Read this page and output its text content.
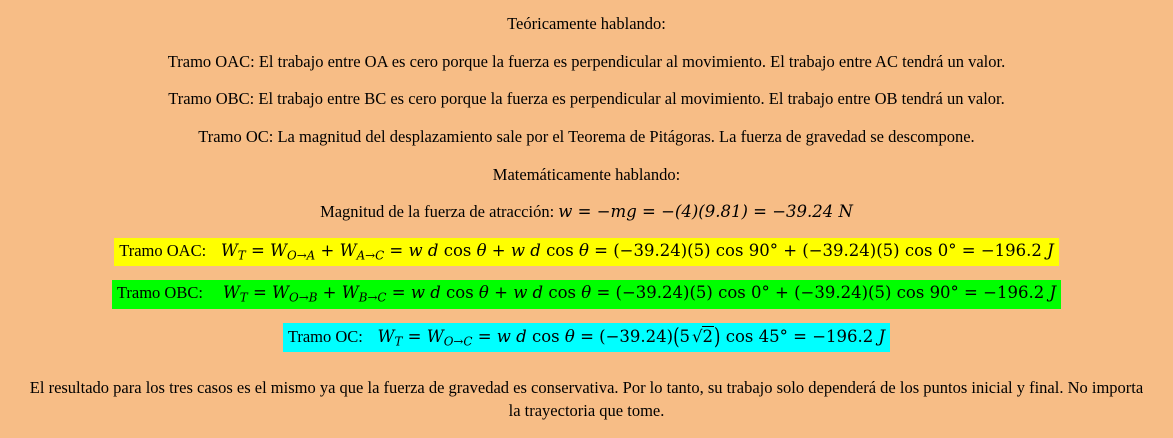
Teóricamente hablando:
Tramo OAC: El trabajo entre OA es cero porque la fuerza es perpendicular al movimiento. El trabajo entre AC tendrá un valor.
Tramo OBC: El trabajo entre BC es cero porque la fuerza es perpendicular al movimiento. El trabajo entre OB tendrá un valor.
Tramo OC: La magnitud del desplazamiento sale por el Teorema de Pitágoras. La fuerza de gravedad se descompone.
Matemáticamente hablando:
Magnitud de la fuerza de atracción: w = −mg = −(4)(9.81) = −39.24 N
Tramo OAC: $W_T = W_{O\to A} + W_{A\to C} = w$ d cos θ + w d cos θ = (−39.24)(5) cos 90° + (−39.24)(5) cos 0° = −196.2 J
Tramo OBC: $W_T = W_{O\to B} + W_{B\to C} = w$ d cos θ + w d cos θ = (−39.24)(5) cos 0° + (−39.24)(5) cos 90° = −196.2 J
Tramo OC: $W_T = W_{O\to C} = w$ d cos θ = (−39.24)(5 √2) cos 45° = −196.2 J
El resultado para los tres casos es el mismo ya que la fuerza de gravedad es conservativa. Por lo tanto, su trabajo solo dependerá de los puntos inicial y final. No importa la trayectoria que tome.
